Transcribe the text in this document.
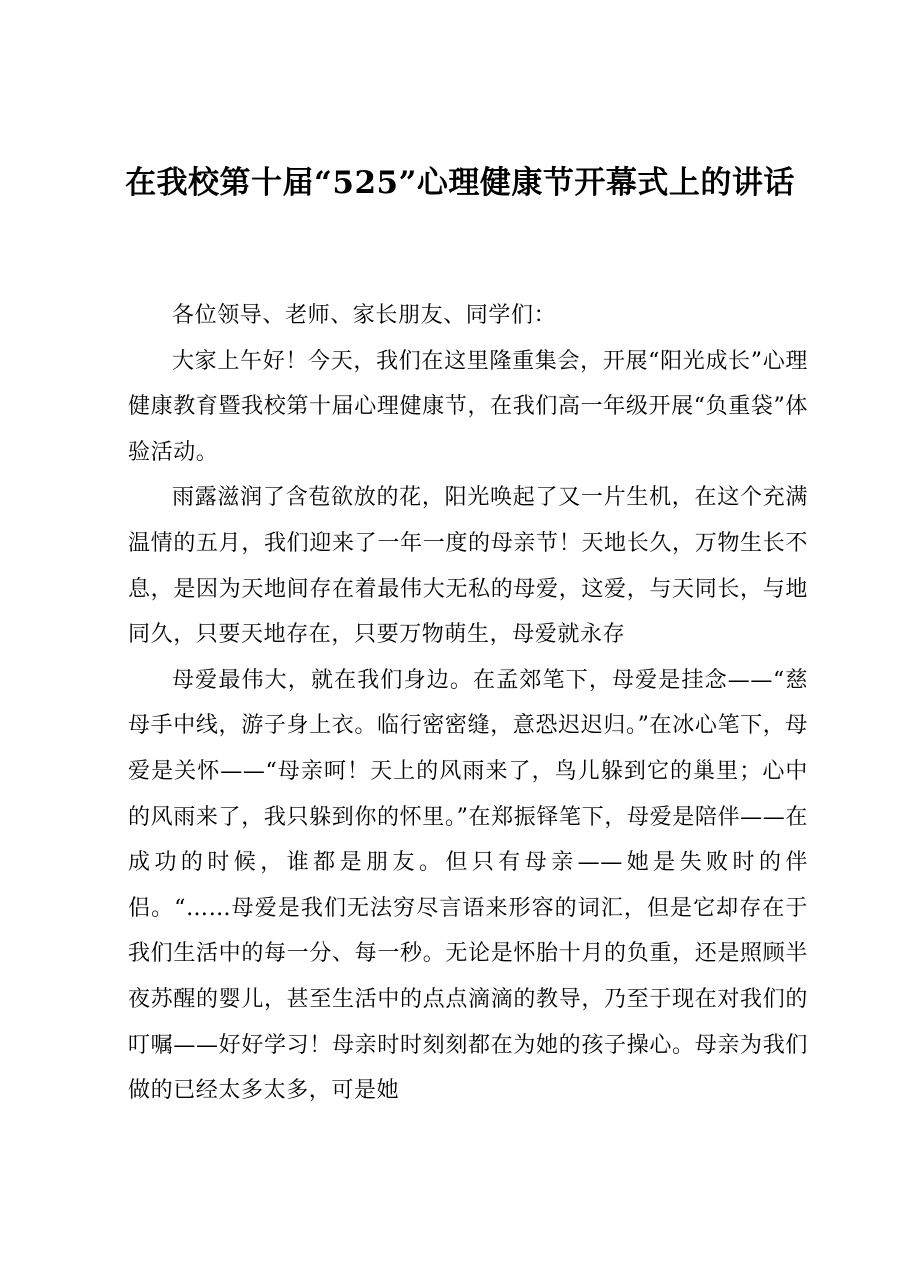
在我校第十届“525”心理健康节开幕式上的讲话

各位领导、老师、家长朋友、同学们：

大家上午好！今天，我们在这里隆重集会，开展“阳光成长”心理健康教育暨我校第十届心理健康节，在我们高一年级开展“负重袋”体验活动。

雨露滋润了含苞欲放的花，阳光唤起了又一片生机，在这个充满温情的五月，我们迎来了一年一度的母亲节！天地长久，万物生长不息，是因为天地间存在着最伟大无私的母爱，这爱，与天同长，与地同久，只要天地存在，只要万物萌生，母爱就永存

母爱最伟大，就在我们身边。在孟郊笔下，母爱是挂念——“慈母手中线，游子身上衣。临行密密缝，意恐迟迟归。”在冰心笔下，母爱是关怀——“母亲呵！天上的风雨来了，鸟儿躲到它的巢里；心中的风雨来了，我只躲到你的怀里。”在郑振铎笔下，母爱是陪伴——在成功的时候，谁都是朋友。但只有母亲——她是失败时的伴侣。“……母爱是我们无法穷尽言语来形容的词汇，但是它却存在于我们生活中的每一分、每一秒。无论是怀胎十月的负重，还是照顾半夜苏醒的婴儿，甚至生活中的点点滴滴的教导，乃至于现在对我们的叮嘱——好好学习！母亲时时刻刻都在为她的孩子操心。母亲为我们做的已经太多太多，可是她
